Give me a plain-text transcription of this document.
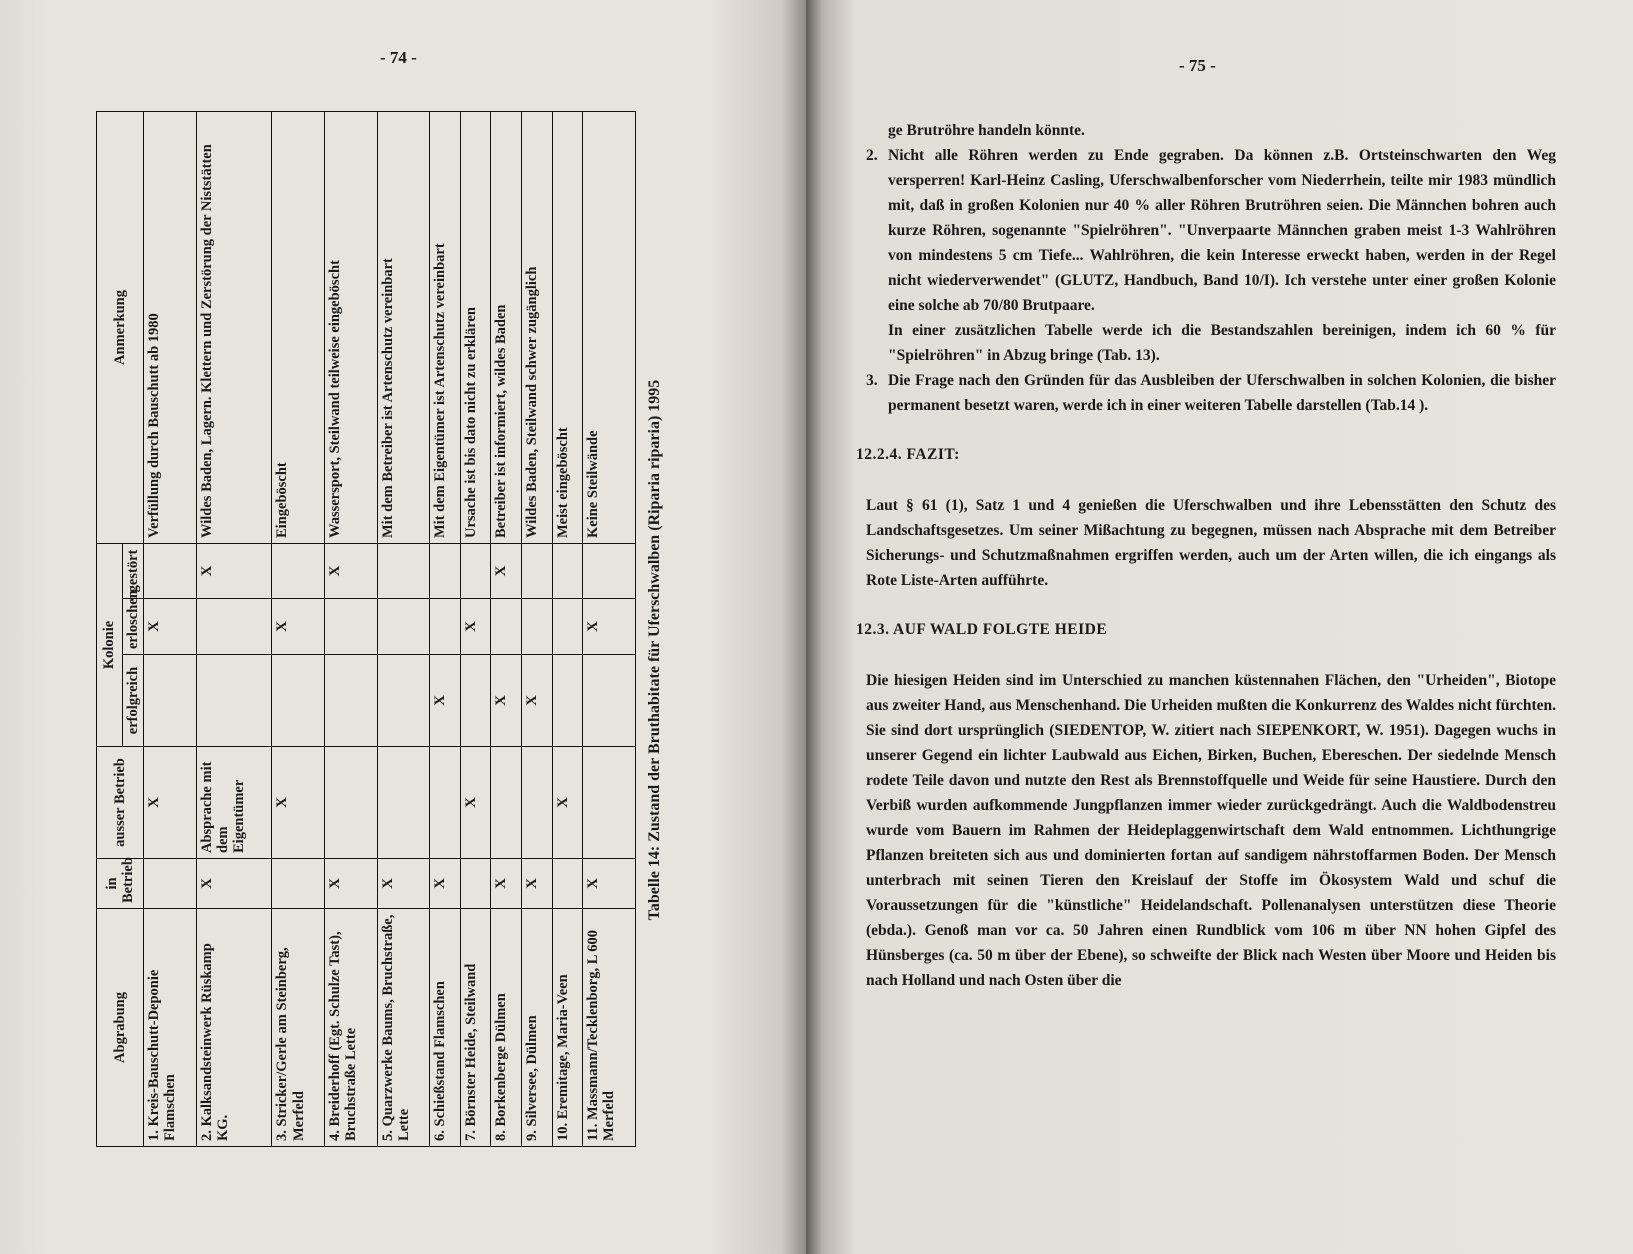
- 74 -
Abgrabung	in Betrieb	ausser Betrieb	Kolonie			Anmerkung
			erfolgreich	erloschen	gestört	
1. Kreis-Bauschutt-Deponie Flamschen		X		X		Verfüllung durch Bauschutt ab 1980
2. Kalksandsteinwerk Rüskamp KG.	X	Absprache mit dem Eigentümer			X	Wildes Baden, Lagern. Klettern und Zerstörung der Niststätten
3. Stricker/Gerle am Steinberg, Merfeld		X		X		Eingeböscht
4. Breiderhoff (Egt. Schulze Tast), Bruchstraße Lette	X				X	Wassersport, Steilwand teilweise eingeböscht
5. Quarzwerke Baums, Bruchstraße, Lette	X					Mit dem Betreiber ist Artenschutz vereinbart
6. Schießstand Flamschen	X		X			Mit dem Eigentümer ist Artenschutz vereinbart
7. Börnster Heide, Steilwand		X		X		Ursache ist bis dato nicht zu erklären
8. Borkenberge Dülmen	X		X		X	Betreiber ist informiert, wildes Baden
9. Silversee, Dülmen	X		X			Wildes Baden, Steilwand schwer zugänglich
10. Eremitage, Maria-Veen		X				Meist eingeböscht
11. Massmann/Tecklenborg, L 600 Merfeld	X			X		Keine Steilwände	Tabelle 14: Zustand der Bruthabitate für Uferschwalben (Riparia riparia) 1995
- 75 -

ge Brutröhre handeln könnte.

2. Nicht alle Röhren werden zu Ende gegraben. Da können z.B. Ortsteinschwarten den Weg versperren! Karl-Heinz Casling, Uferschwalbenforscher vom Niederrhein, teilte mir 1983 mündlich mit, daß in großen Kolonien nur 40 % aller Röhren Brutröhren seien. Die Männchen bohren auch kurze Röhren, sogenannte "Spielröhren". "Unverpaarte Männchen graben meist 1-3 Wahlröhren von mindestens 5 cm Tiefe... Wahlröhren, die kein Interesse erweckt haben, werden in der Regel nicht wiederverwendet" (GLUTZ, Handbuch, Band 10/I). Ich verstehe unter einer großen Kolonie eine solche ab 70/80 Brutpaare.

In einer zusätzlichen Tabelle werde ich die Bestandszahlen bereinigen, indem ich 60 % für "Spielröhren" in Abzug bringe (Tab. 13).

3. Die Frage nach den Gründen für das Ausbleiben der Uferschwalben in solchen Kolonien, die bisher permanent besetzt waren, werde ich in einer weiteren Tabelle darstellen (Tab.14 ).

12.2.4. FAZIT:

Laut § 61 (1), Satz 1 und 4 genießen die Uferschwalben und ihre Lebensstätten den Schutz des Landschaftsgesetzes. Um seiner Mißachtung zu begegnen, müssen nach Absprache mit dem Betreiber Sicherungs- und Schutzmaßnahmen ergriffen werden, auch um der Arten willen, die ich eingangs als Rote Liste-Arten aufführte.

12.3. AUF WALD FOLGTE HEIDE

Die hiesigen Heiden sind im Unterschied zu manchen küstennahen Flächen, den "Urheiden", Biotope aus zweiter Hand, aus Menschenhand. Die Urheiden mußten die Konkurrenz des Waldes nicht fürchten. Sie sind dort ursprünglich (SIEDENTOP, W. zitiert nach SIEPENKORT, W. 1951). Dagegen wuchs in unserer Gegend ein lichter Laubwald aus Eichen, Birken, Buchen, Ebereschen. Der siedelnde Mensch rodete Teile davon und nutzte den Rest als Brennstoffquelle und Weide für seine Haustiere. Durch den Verbiß wurden aufkommende Jungpflanzen immer wieder zurückgedrängt. Auch die Waldbodenstreu wurde vom Bauern im Rahmen der Heideplaggenwirtschaft dem Wald entnommen. Lichthungrige Pflanzen breiteten sich aus und dominierten fortan auf sandigem nährstoffarmen Boden. Der Mensch unterbrach mit seinen Tieren den Kreislauf der Stoffe im Ökosystem Wald und schuf die Voraussetzungen für die "künstliche" Heidelandschaft. Pollenanalysen unterstützen diese Theorie (ebda.). Genoß man vor ca. 50 Jahren einen Rundblick vom 106 m über NN hohen Gipfel des Hünsberges (ca. 50 m über der Ebene), so schweifte der Blick nach Westen über Moore und Heiden bis nach Holland und nach Osten über die
